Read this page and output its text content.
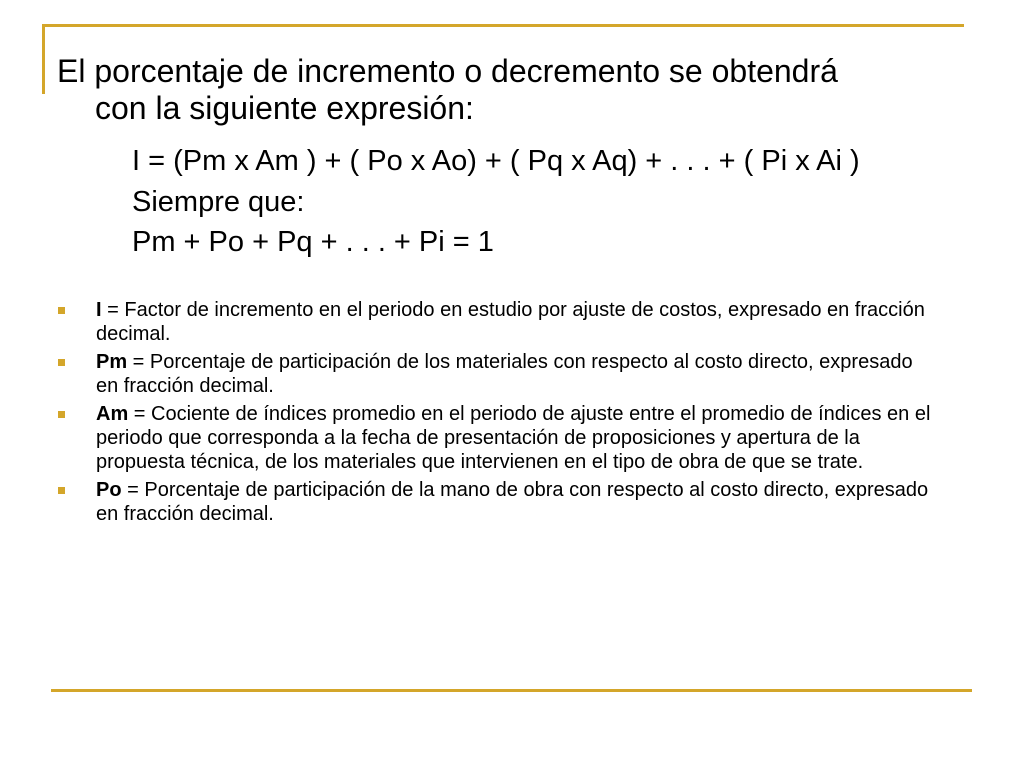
El porcentaje de incremento o decremento se obtendrá
con la siguiente expresión:
I = (Pm x Am ) + ( Po x Ao) + ( Pq x Aq) + . . . + ( Pi x Ai )
Siempre que:
Pm + Po + Pq + . . . + Pi = 1
I = Factor de incremento en el periodo en estudio por ajuste de costos, expresado en fracción decimal.
Pm = Porcentaje de participación de los materiales con respecto al costo directo, expresado en fracción decimal.
Am = Cociente de índices promedio en el periodo de ajuste entre el promedio de índices en el periodo que corresponda a la fecha de presentación de proposiciones y apertura de la propuesta técnica, de los materiales que intervienen en el tipo de obra de que se trate.
Po = Porcentaje de participación de la mano de obra con respecto al costo directo, expresado en fracción decimal.
